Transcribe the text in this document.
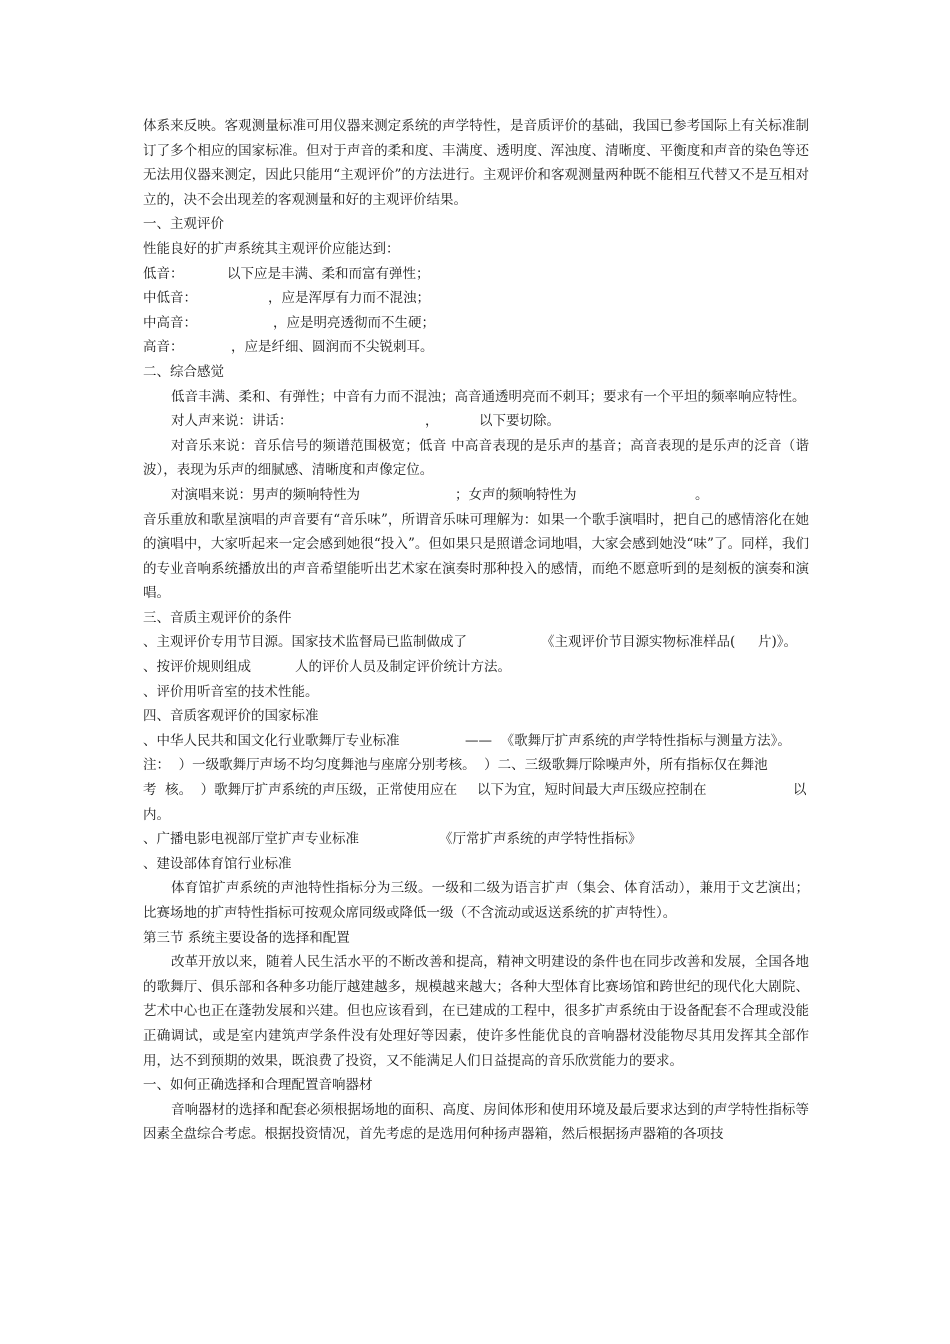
体系来反映。客观测量标准可用仪器来测定系统的声学特性，是音质评价的基础，我国已参考国际上有关标准制订了多个相应的国家标准。但对于声音的柔和度、丰满度、透明度、浑浊度、清晰度、平衡度和声音的染色等还无法用仪器来测定，因此只能用“主观评价”的方法进行。主观评价和客观测量两种既不能相互代替又不是互相对立的，决不会出现差的客观测量和好的主观评价结果。

一、主观评价

性能良好的扩声系统其主观评价应能达到：

低音：	以下应是丰满、柔和而富有弹性；
中低音：	，应是浑厚有力而不混浊；
中高音：	，应是明亮透彻而不生硬；
高音：	，应是纤细、圆润而不尖锐刺耳。

二、综合感觉

低音丰满、柔和、有弹性；中音有力而不混浊；高音通透明亮而不刺耳；要求有一个平坦的频率响应特性。

对人声来说：讲话：	，	以下要切除。

对音乐来说：音乐信号的频谱范围极宽；低音 中高音表现的是乐声的基音；高音表现的是乐声的泛音（谐波），表现为乐声的细腻感、清晰度和声像定位。

对演唱来说：男声的频响特性为	；女声的频响特性为	。

音乐重放和歌星演唱的声音要有“音乐味”，所谓音乐味可理解为：如果一个歌手演唱时，把自己的感情溶化在她的演唱中，大家听起来一定会感到她很“投入”。但如果只是照谱念词地唱，大家会感到她没“味”了。同样，我们的专业音响系统播放出的声音希望能听出艺术家在演奏时那种投入的感情，而绝不愿意听到的是刻板的演奏和演唱。

三、音质主观评价的条件

、主观评价专用节目源。国家技术监督局已监制做成了	《主观评价节目源实物标准样品(	片)》。
、按评价规则组成	人的评价人员及制定评价统计方法。

、评价用听音室的技术性能。

四、音质客观评价的国家标准

、中华人民共和国文化行业歌舞厅专业标准	——  《歌舞厅扩声系统的声学特性指标与测量方法》。

注：  ）一级歌舞厅声场不均匀度舞池与座席分别考核。  ）二、三级歌舞厅除噪声外，所有指标仅在舞池

考  核。  ）歌舞厅扩声系统的声压级，正常使用应在	以下为宜，短时间最大声压级应控制在	以

内。

、广播电影电视部厅堂扩声专业标准	《厅常扩声系统的声学特性指标》

、建设部体育馆行业标准

体育馆扩声系统的声池特性指标分为三级。一级和二级为语言扩声（集会、体育活动），兼用于文艺演出；比赛场地的扩声特性指标可按观众席同级或降低一级（不含流动或返送系统的扩声特性）。

第三节 系统主要设备的选择和配置

改革开放以来，随着人民生活水平的不断改善和提高，精神文明建设的条件也在同步改善和发展，全国各地的歌舞厅、俱乐部和各种多功能厅越建越多，规模越来越大；各种大型体育比赛场馆和跨世纪的现代化大剧院、艺术中心也正在蓬勃发展和兴建。但也应该看到，在已建成的工程中，很多扩声系统由于设备配套不合理或没能正确调试，或是室内建筑声学条件没有处理好等因素，使许多性能优良的音响器材没能物尽其用发挥其全部作用，达不到预期的效果，既浪费了投资，又不能满足人们日益提高的音乐欣赏能力的要求。

一、如何正确选择和合理配置音响器材

音响器材的选择和配套必须根据场地的面积、高度、房间体形和使用环境及最后要求达到的声学特性指标等因素全盘综合考虑。根据投资情况，首先考虑的是选用何种扬声器箱，然后根据扬声器箱的各项技
